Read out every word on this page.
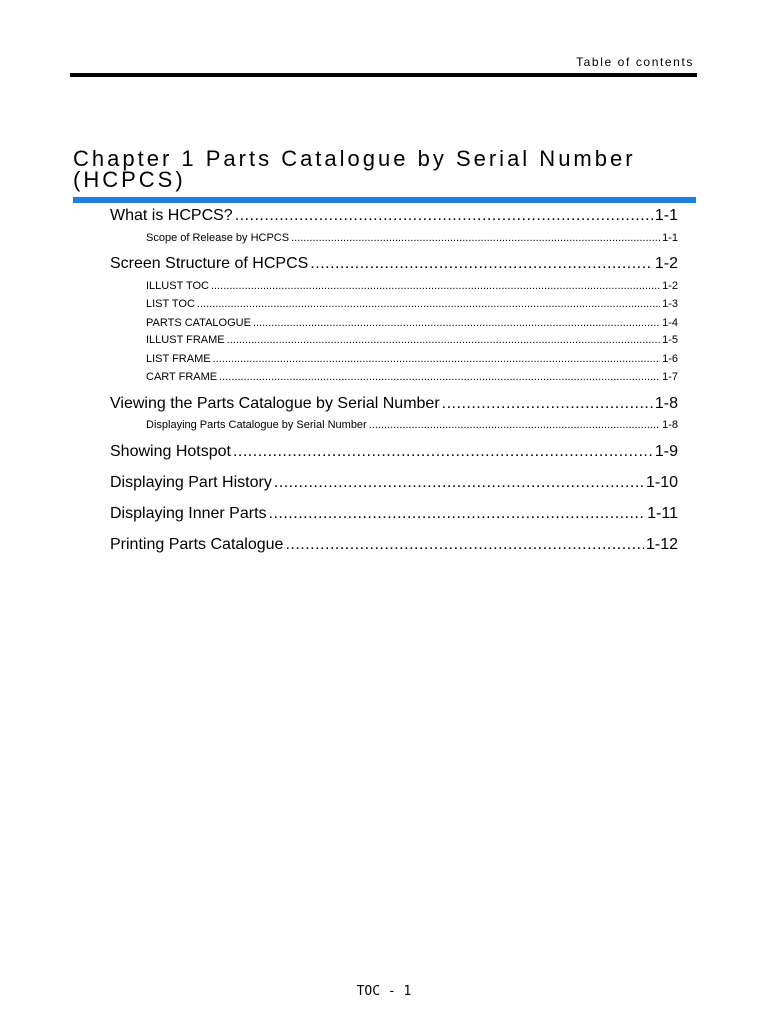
Table of contents
Chapter 1 Parts Catalogue by Serial Number (HCPCS)
What is HCPCS? .....	1-1
Scope of Release by HCPCS .....	1-1
Screen Structure of HCPCS .....	1-2
ILLUST TOC .....	1-2
LIST TOC .....	1-3
PARTS CATALOGUE .....	1-4
ILLUST FRAME .....	1-5
LIST FRAME .....	1-6
CART FRAME .....	1-7
Viewing the Parts Catalogue by Serial Number .....	1-8
Displaying Parts Catalogue by Serial Number .....	1-8
Showing Hotspot .....	1-9
Displaying Part History .....	1-10
Displaying Inner Parts .....	1-11
Printing Parts Catalogue .....	1-12
TOC - 1
